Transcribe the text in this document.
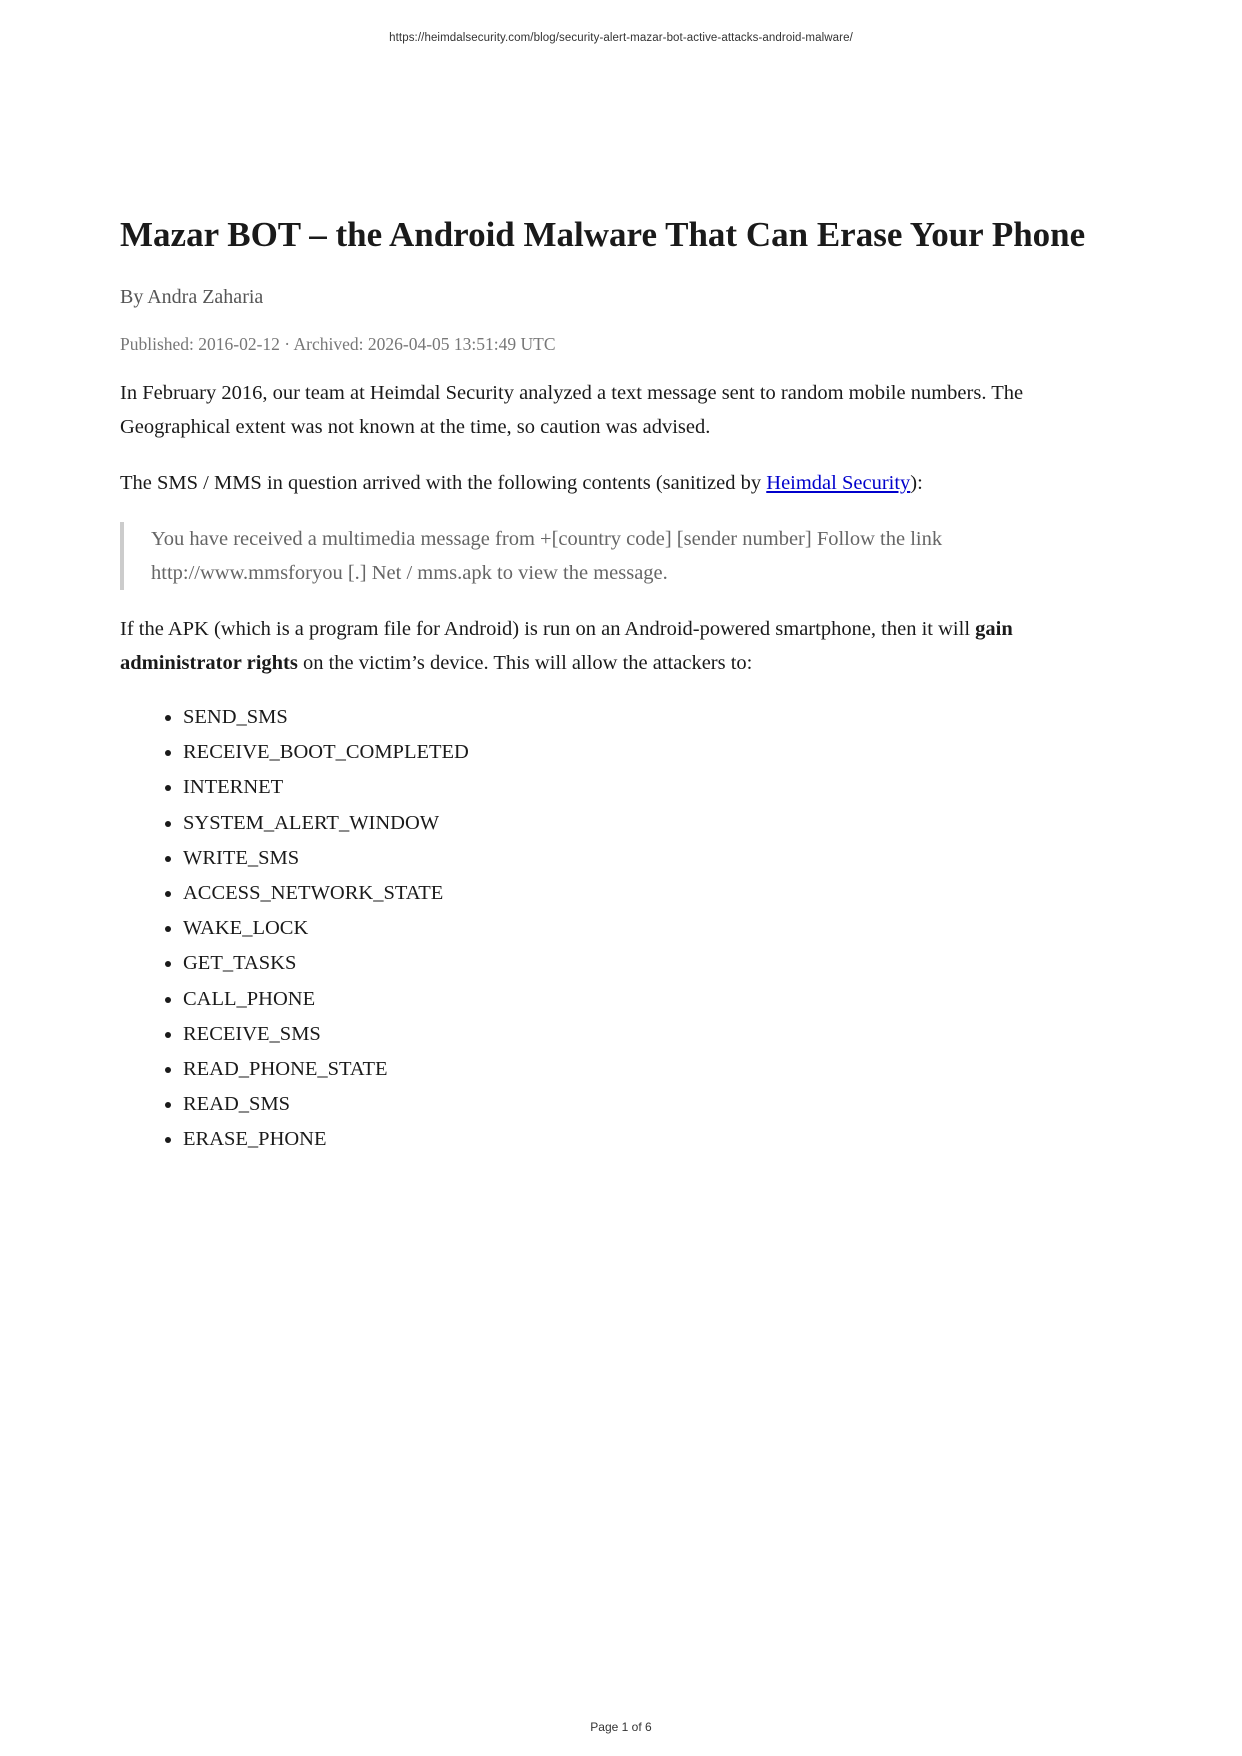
https://heimdalsecurity.com/blog/security-alert-mazar-bot-active-attacks-android-malware/
Mazar BOT – the Android Malware That Can Erase Your Phone
By Andra Zaharia
Published: 2016-02-12 · Archived: 2026-04-05 13:51:49 UTC

In February 2016, our team at Heimdal Security analyzed a text message sent to random mobile numbers. The Geographical extent was not known at the time, so caution was advised.

The SMS / MMS in question arrived with the following contents (sanitized by Heimdal Security):

You have received a multimedia message from +[country code] [sender number] Follow the link http://www.mmsforyou [.] Net / mms.apk to view the message.

If the APK (which is a program file for Android) is run on an Android-powered smartphone, then it will gain administrator rights on the victim’s device. This will allow the attackers to:

• SEND_SMS
• RECEIVE_BOOT_COMPLETED
• INTERNET
• SYSTEM_ALERT_WINDOW
• WRITE_SMS
• ACCESS_NETWORK_STATE
• WAKE_LOCK
• GET_TASKS
• CALL_PHONE
• RECEIVE_SMS
• READ_PHONE_STATE
• READ_SMS
• ERASE_PHONE
Page 1 of 6
